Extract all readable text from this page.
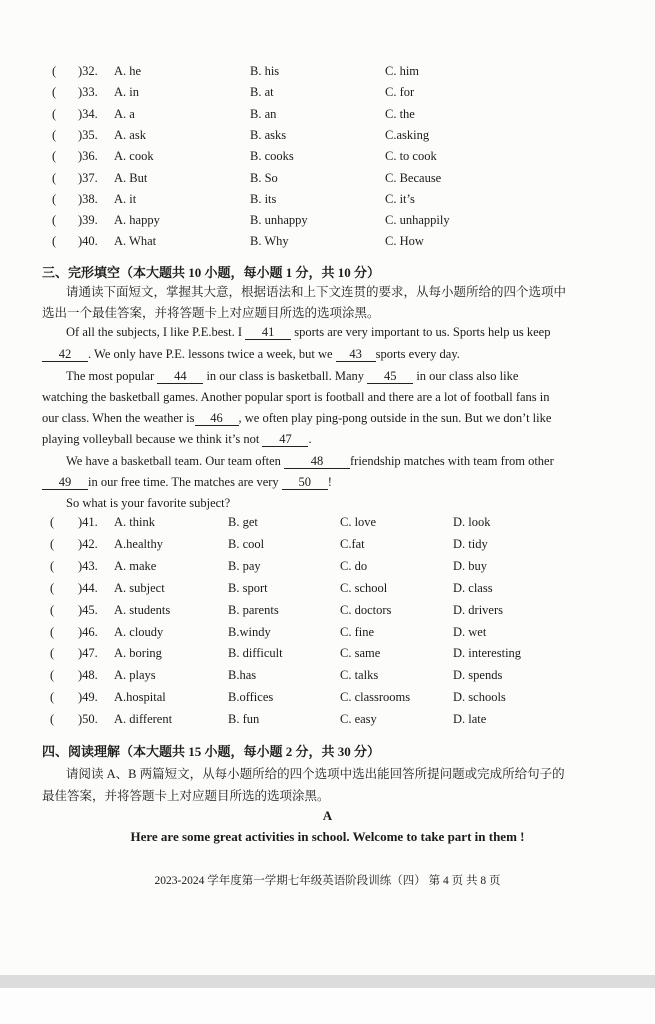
( )32. A. he	B. his	C. him
( )33. A. in	B. at	C. for
( )34. A. a	B. an	C. the
( )35. A. ask	B. asks	C.asking
( )36. A. cook	B. cooks	C. to cook
( )37. A. But	B. So	C. Because
( )38. A. it	B. its	C. it’s
( )39. A. happy	B. unhappy	C. unhappily
( )40. A. What	B. Why	C. How
三、完形填空（本大题共 10 小题，每小题 1 分，共 10 分）
请通读下面短文，掌握其大意，根据语法和上下文连贯的要求，从每小题所给的四个选项中
选出一个最佳答案，并将答题卡上对应题目所选的选项涂黑。
Of all the subjects, I like P.E.best. I 41 sports are very important to us. Sports help us keep
42 . We only have P.E. lessons twice a week, but we 43 sports every day.
The most popular 44 in our class is basketball. Many 45 in our class also like
watching the basketball games. Another popular sport is football and there are a lot of football fans in
our class. When the weather is 46 , we often play ping-pong outside in the sun. But we don’t like
playing volleyball because we think it’s not 47 .
We have a basketball team. Our team often 48 friendship matches with team from other
49 in our free time. The matches are very 50 !
So what is your favorite subject?
( )41. A. think	B. get	C. love	D. look
( )42. A.healthy	B. cool	C.fat	D. tidy
( )43. A. make	B. pay	C. do	D. buy
( )44. A. subject	B. sport	C. school	D. class
( )45. A. students	B. parents	C. doctors	D. drivers
( )46. A. cloudy	B.windy	C. fine	D. wet
( )47. A. boring	B. difficult	C. same	D. interesting
( )48. A. plays	B.has	C. talks	D. spends
( )49. A.hospital	B.offices	C. classrooms	D. schools
( )50. A. different	B. fun	C. easy	D. late
四、阅读理解（本大题共 15 小题，每小题 2 分，共 30 分）
请阅读 A、B 两篇短文，从每小题所给的四个选项中选出能回答所提问题或完成所给句子的
最佳答案，并将答题卡上对应题目所选的选项涂黑。
A
Here are some great activities in school. Welcome to take part in them !
2023-2024 学年度第一学期七年级英语阶段训练（四） 第 4 页 共 8 页
